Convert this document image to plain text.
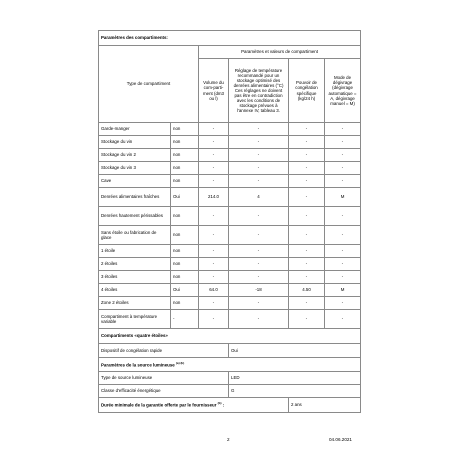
Paramètres des compartiments:					
Type de compartiment		Paramètres et valeurs de compartiment			
		Volume du com-parti-ment (dm3 ou l)	Réglage de température recommandé pour un stockage optimisé des denrées alimentaires (°C) Ces réglages ne doivent pas être en contradiction avec les conditions de stockage prévues à l'annexe IV, tableau 3.	Pouvoir de congélation spécifique (kg/24 h)	Mode de dégivrage (dégivrage automatique = A, dégivrage manuel = M)
Garde-manger	non	-	-	-	-
Stockage du vin	non	-	-	-	-
Stockage du vin 2	non	-	-	-	-
Stockage du vin 3	non	-	-	-	-
Cave	non	-	-	-	-
Denrées alimentaires fraîches	Oui	214.0	4	-	M
Denrées hautement périssables	non	-	-	-	-
Sans étoile ou fabrication de glace	non	-	-	-	-
1 étoile	non	-	-	-	-
2 étoiles	non	-	-	-	-
3 étoiles	non	-	-	-	-
4 étoiles	Oui	64.0	-18	4.50	M
Zone 2 étoiles	non	-	-	-	-
Compartiment à température variable	-	-	-	-	-
Compartiments «quatre étoiles»					
Dispositif de congélation rapide			Oui		
Paramètres de la source lumineuse $^{(a) (b)}$
Type de source lumineuse			LED		
Classe d'efficacité énergétique			G		
Durée minimale de la garantie offerte par le fournisseur $^{(b)}$ :				2 ans	
2	04.06.2021
